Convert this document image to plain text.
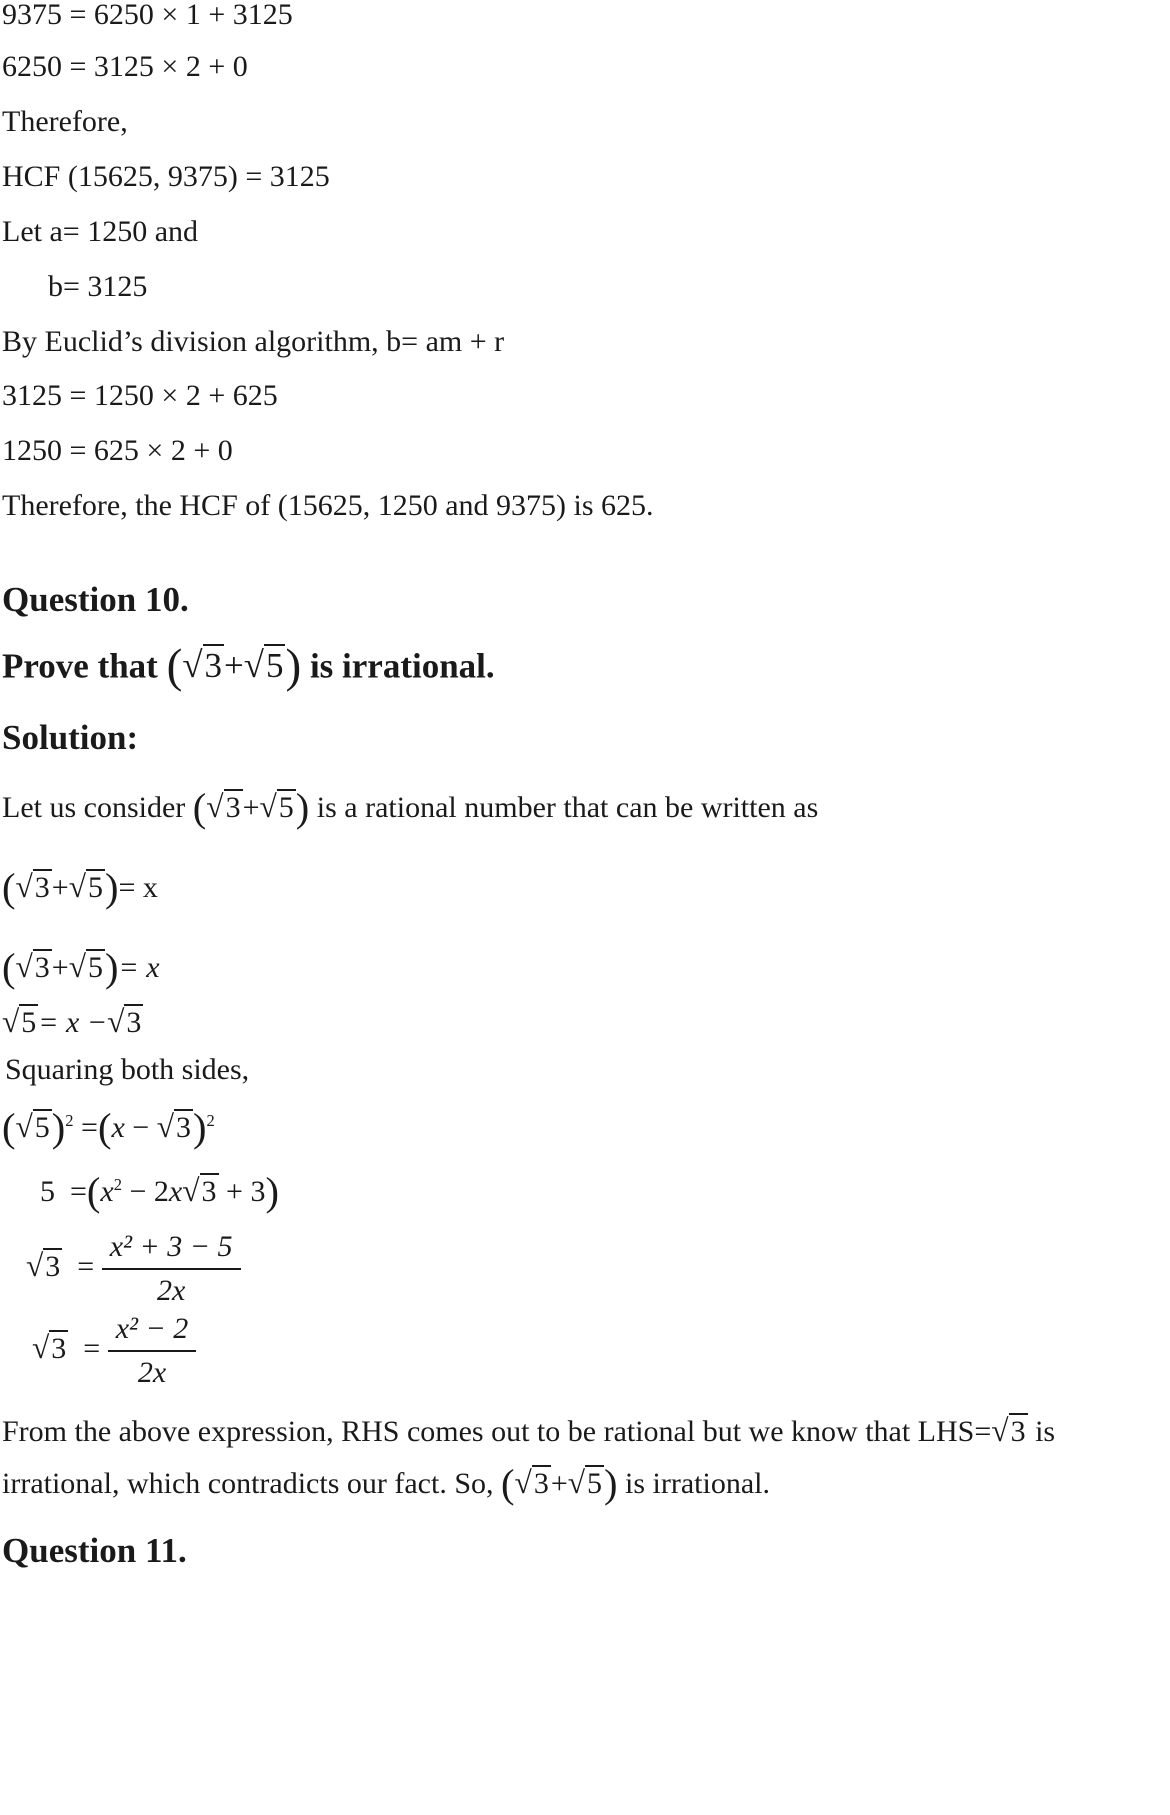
9375 = 6250 × 1 + 3125
6250 = 3125 × 2 + 0
Therefore,
HCF (15625, 9375) = 3125
Let a= 1250 and
b= 3125
By Euclid’s division algorithm, b= am + r
3125 = 1250 × 2 + 625
1250 = 625 × 2 + 0
Therefore, the HCF of (15625, 1250 and 9375) is 625.
Question 10.
Prove that (√3+√5) is irrational.
Solution:
Let us consider (√3+√5) is a rational number that can be written as
(√3+√5)= x
(√3+√5)= x
√5= x −√3
Squaring both sides,
$(√5)^2 =(x - √3)^2$
$5 =(x^2 - 2x√3 + 3)$
$√3 = \frac{\text{x² + 3 − 5}}{2x}$
$√3 = \frac{\text{x² − 2}}{2x}$
From the above expression, RHS comes out to be rational but we know that LHS=√3 is
irrational, which contradicts our fact. So, (√3+√5) is irrational.
Question 11.
